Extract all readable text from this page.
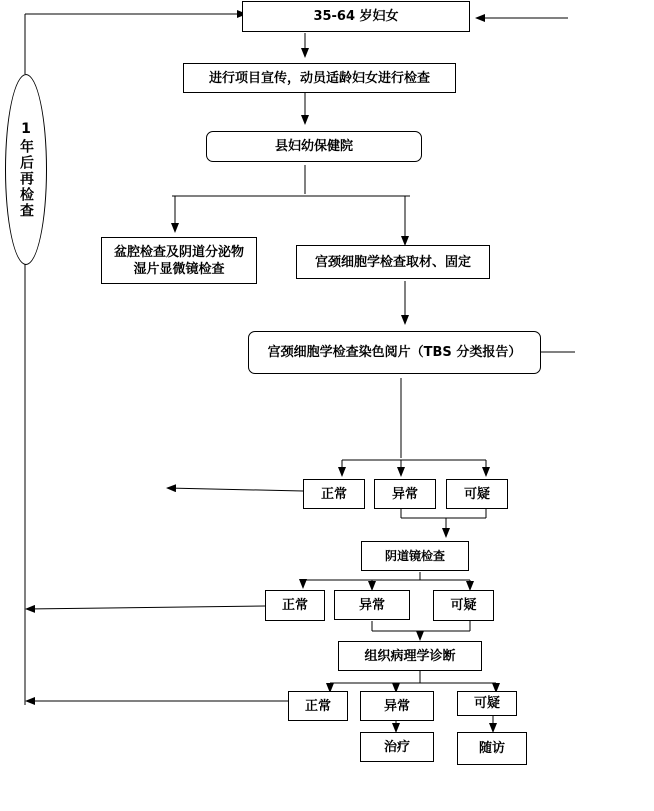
35-64 岁妇女
进行项目宣传，动员适龄妇女进行检查
县妇幼保健院
盆腔检查及阴道分泌物湿片显微镜检查	宫颈细胞学检查取材、固定
宫颈细胞学检查染色阅片（TBS 分类报告）
正常	异常	可疑
阴道镜检查
正常	异常	可疑
组织病理学诊断
正常	异常	可疑
治疗	随访
1年后再检查
